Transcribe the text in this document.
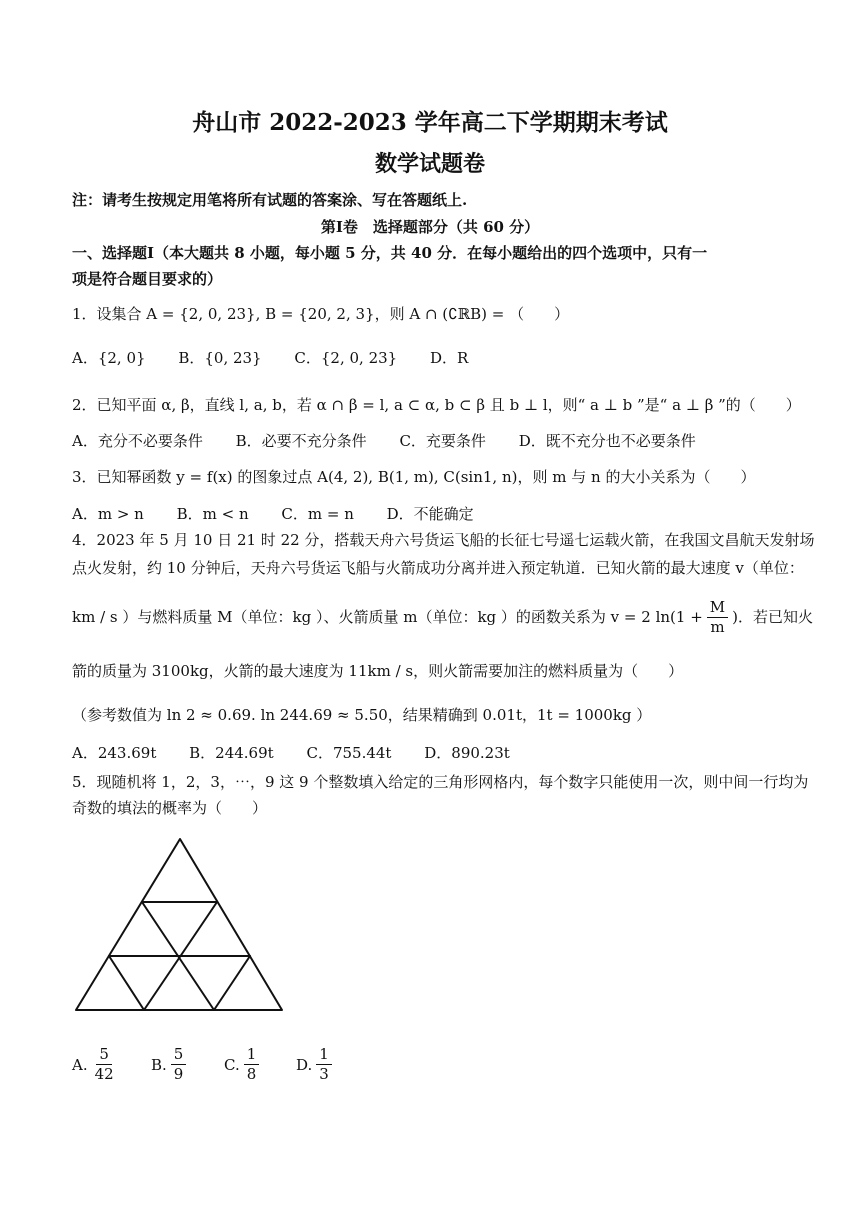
舟山市 2022-2023 学年高二下学期期末考试
数学试题卷
注：请考生按规定用笔将所有试题的答案涂、写在答题纸上.
第Ⅰ卷　选择题部分（共 60 分）
一、选择题Ⅰ（本大题共 8 小题，每小题 5 分，共 40 分．在每小题给出的四个选项中，只有一
项是符合题目要求的）
1．设集合 A = {2, 0, 23}, B = {20, 2, 3}，则 A ∩ (∁ℝB) = （　　）
A．{2, 0} B．{0, 23} C．{2, 0, 23} D．R
2．已知平面 α, β，直线 l, a, b，若 α ∩ β = l, a ⊂ α, b ⊂ β 且 b ⊥ l，则“ a ⊥ b ”是“ a ⊥ β ”的（　　）
A．充分不必要条件 B．必要不充分条件 C．充要条件 D．既不充分也不必要条件
3．已知幂函数 y = f(x) 的图象过点 A(4, 2), B(1, m), C(sin1, n)，则 m 与 n 的大小关系为（　　）
A．m > n B．m < n C．m = n D．不能确定
4．2023 年 5 月 10 日 21 时 22 分，搭载天舟六号货运飞船的长征七号遥七运载火箭，在我国文昌航天发射场
点火发射，约 10 分钟后，天舟六号货运飞船与火箭成功分离并进入预定轨道．已知火箭的最大速度 v（单位：
km / s ）与燃料质量 M（单位：kg ）、火箭质量 m（单位：kg ）的函数关系为 v = 2 $\ln(1 + \frac{M}{m}$ )．若已知火
箭的质量为 3100kg，火箭的最大速度为 11km / s，则火箭需要加注的燃料质量为（　　）
（参考数值为 ln 2 ≈ 0.69. ln 244.69 ≈ 5.50，结果精确到 0.01t，1t = 1000kg ）
A．243.69t B．244.69t C．755.44t D．890.23t
5．现随机将 1，2，3，⋯，9 这 9 个整数填入给定的三角形网格内，每个数字只能使用一次，则中间一行均为
奇数的填法的概率为（　　）
A. $\frac{5}{42} B$. $\frac{5}{9}$	C. $\frac{1}{8} D$. $\frac{1}{3}$
